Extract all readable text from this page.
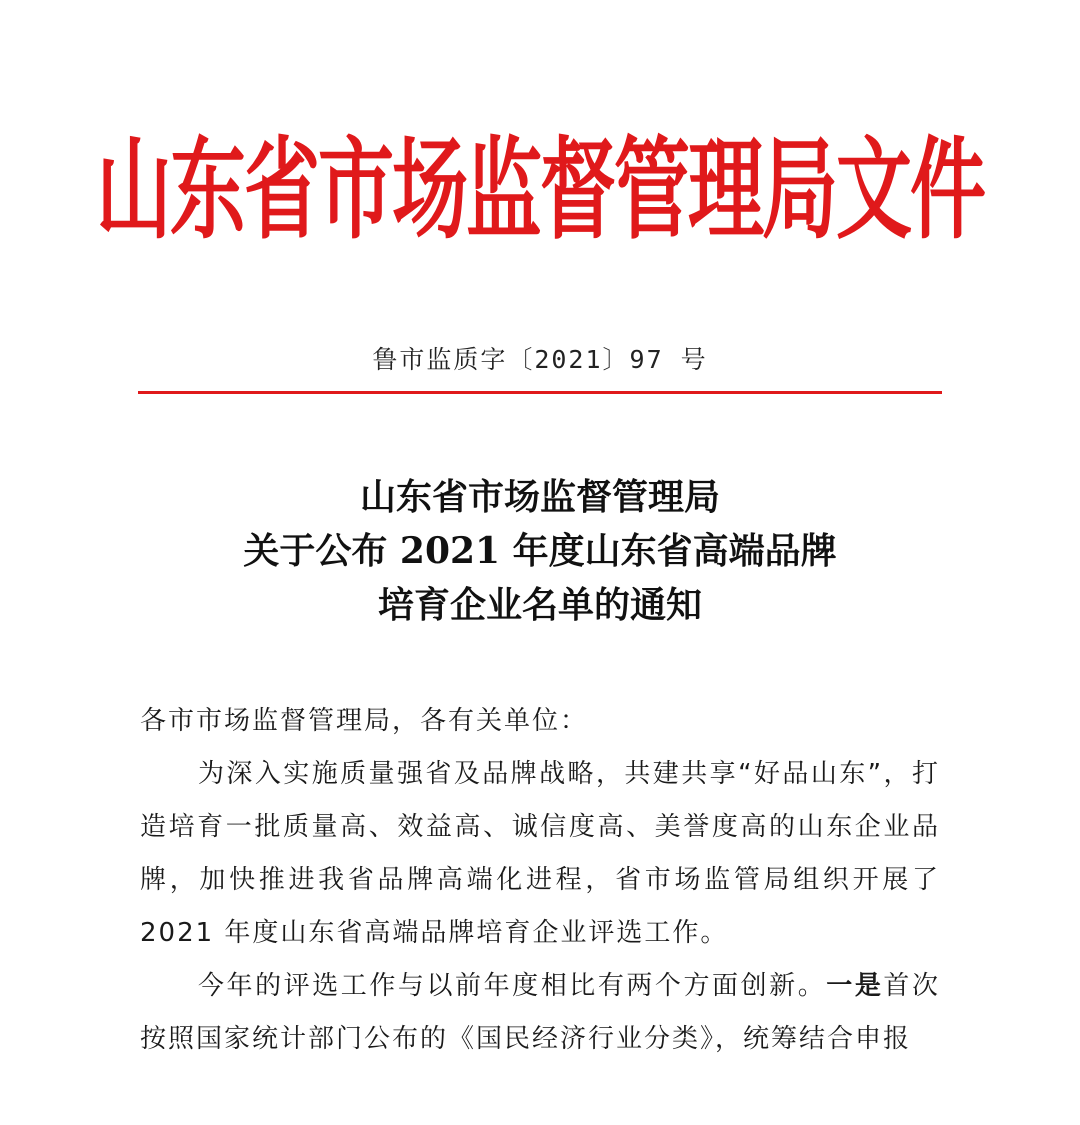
山东省市场监督管理局文件
鲁市监质字〔2021〕97 号
山东省市场监督管理局
关于公布 2021 年度山东省高端品牌
培育企业名单的通知

各市市场监督管理局，各有关单位：

为深入实施质量强省及品牌战略，共建共享“好品山东”，打造培育一批质量高、效益高、诚信度高、美誉度高的山东企业品牌，加快推进我省品牌高端化进程，省市场监管局组织开展了 2021 年度山东省高端品牌培育企业评选工作。

今年的评选工作与以前年度相比有两个方面创新。一是首次按照国家统计部门公布的《国民经济行业分类》，统筹结合申报
